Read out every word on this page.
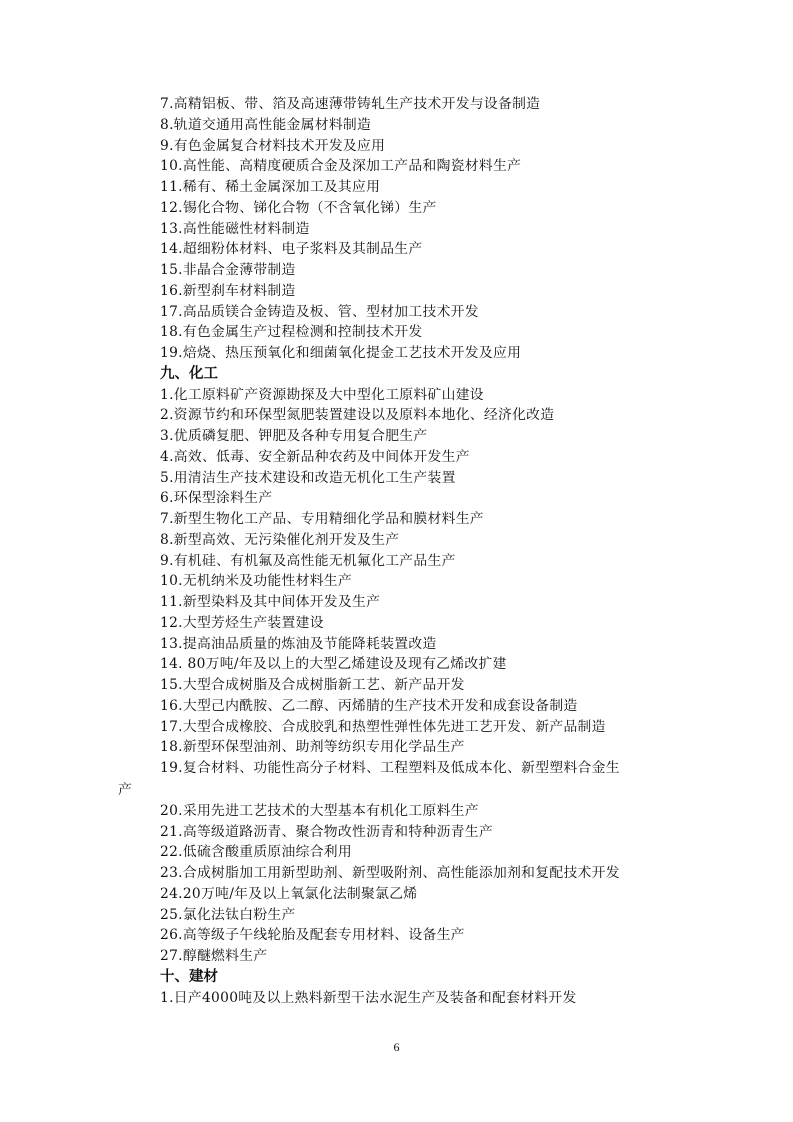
7.高精铝板、带、箔及高速薄带铸轧生产技术开发与设备制造
8.轨道交通用高性能金属材料制造
9.有色金属复合材料技术开发及应用
10.高性能、高精度硬质合金及深加工产品和陶瓷材料生产
11.稀有、稀土金属深加工及其应用
12.锡化合物、锑化合物（不含氧化锑）生产
13.高性能磁性材料制造
14.超细粉体材料、电子浆料及其制品生产
15.非晶合金薄带制造
16.新型刹车材料制造
17.高品质镁合金铸造及板、管、型材加工技术开发
18.有色金属生产过程检测和控制技术开发
19.焙烧、热压预氧化和细菌氧化提金工艺技术开发及应用
九、化工
1.化工原料矿产资源勘探及大中型化工原料矿山建设
2.资源节约和环保型氮肥装置建设以及原料本地化、经济化改造
3.优质磷复肥、钾肥及各种专用复合肥生产
4.高效、低毒、安全新品种农药及中间体开发生产
5.用清洁生产技术建设和改造无机化工生产装置
6.环保型涂料生产
7.新型生物化工产品、专用精细化学品和膜材料生产
8.新型高效、无污染催化剂开发及生产
9.有机硅、有机氟及高性能无机氟化工产品生产
10.无机纳米及功能性材料生产
11.新型染料及其中间体开发及生产
12.大型芳烃生产装置建设
13.提高油品质量的炼油及节能降耗装置改造
14. 80万吨/年及以上的大型乙烯建设及现有乙烯改扩建
15.大型合成树脂及合成树脂新工艺、新产品开发
16.大型己内酰胺、乙二醇、丙烯腈的生产技术开发和成套设备制造
17.大型合成橡胶、合成胶乳和热塑性弹性体先进工艺开发、新产品制造
18.新型环保型油剂、助剂等纺织专用化学品生产
19.复合材料、功能性高分子材料、工程塑料及低成本化、新型塑料合金生
产
20.采用先进工艺技术的大型基本有机化工原料生产
21.高等级道路沥青、聚合物改性沥青和特种沥青生产
22.低硫含酸重质原油综合利用
23.合成树脂加工用新型助剂、新型吸附剂、高性能添加剂和复配技术开发
24.20万吨/年及以上氧氯化法制聚氯乙烯
25.氯化法钛白粉生产
26.高等级子午线轮胎及配套专用材料、设备生产
27.醇醚燃料生产
十、建材
1.日产4000吨及以上熟料新型干法水泥生产及装备和配套材料开发
6
